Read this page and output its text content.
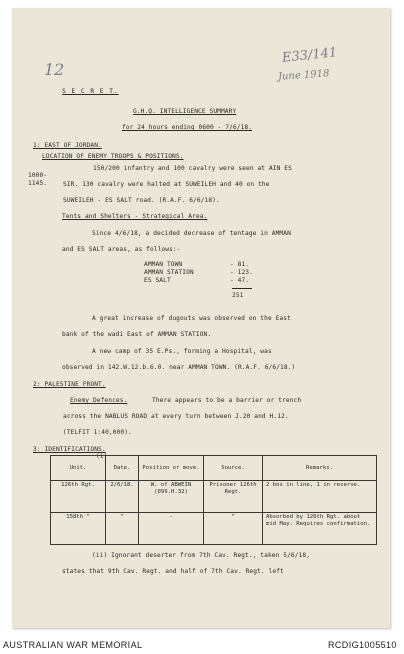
12
E33/141
June 1918
S E C R E T.
G.H.Q. INTELLIGENCE SUMMARY
for 24 hours ending 0600 - 7/6/18.
1: EAST OF JORDAN.
LOCATION OF ENEMY TROOPS & POSITIONS.
1000-
1145.
150/200 infantry and 100 cavalry were seen at AIN ES
SIR. 130 cavalry were halted at SUWEILEH and 40 on the
SUWEILEH - ES SALT road. (R.A.F. 6/6/18).
Tents and Shelters - Strategical Area.
Since 4/6/18, a decided decrease of tentage in AMMAN
and ES SALT areas, as follows:-
AMMAN TOWN	- 81.
AMMAN STATION	- 123.
ES SALT	- 47.
251
A great increase of dugouts was observed on the East
bank of the wadi East of AMMAN STATION.
A new camp of 35 E.Ps., forming a Hospital, was
observed in 142.W.12.b.6.0. near AMMAN TOWN. (R.A.F. 6/6/18.)
2: PALESTINE FRONT.
Enemy Defences.	There appears to be a barrier or trench
across the NABLUS ROAD at every turn between J.20 and H.12.
(TELFIT 1:40,000).
3: IDENTIFICATIONS.
(i)
Unit.	Date.	Position or move.	Source.	Remarks.
126th Rgt.	2/6/18.	W. of ABWEIN (099.H.32)	Prisoner 126th Regt.	2 bns in line, 1 in reserve.
158th "	"	-	"	Absorbed by 126th Rgt. about mid May. Requires confirmation.
(ii) Ignorant deserter from 7th Cav. Regt., taken 5/6/18,
states that 9th Cav. Regt. and half of 7th Cav. Regt. left
AUSTRALIAN WAR MEMORIAL	RCDIG1005510
